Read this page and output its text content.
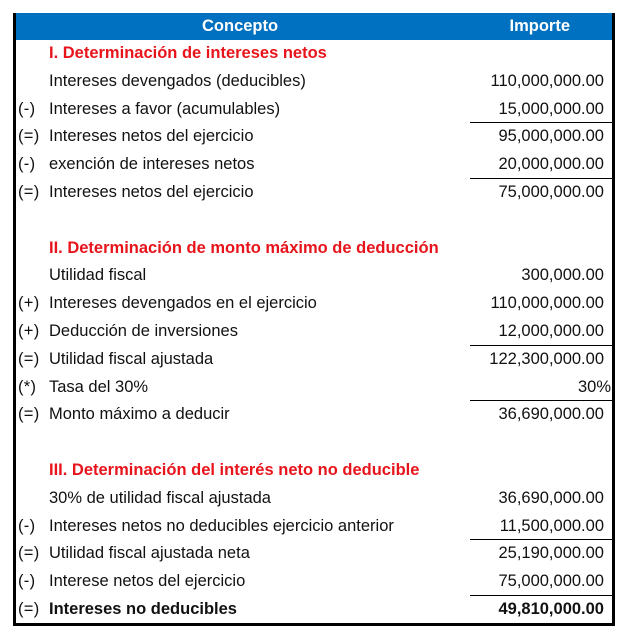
Concepto	Importe
I. Determinación de intereses netos
Intereses devengados (deducibles)	110,000,000.00
(-) Intereses a favor (acumulables)	15,000,000.00
(=) Intereses netos del ejercicio	95,000,000.00
(-) exención de intereses netos	20,000,000.00
(=) Intereses netos del ejercicio	75,000,000.00
II. Determinación de monto máximo de deducción
Utilidad fiscal	300,000.00
(+) Intereses devengados en el ejercicio	110,000,000.00
(+) Deducción de inversiones	12,000,000.00
(=) Utilidad fiscal ajustada	122,300,000.00
(*) Tasa del 30%	30%
(=) Monto máximo a deducir	36,690,000.00
III. Determinación del interés neto no deducible
30% de utilidad fiscal ajustada	36,690,000.00
(-) Intereses netos no deducibles ejercicio anterior	11,500,000.00
(=) Utilidad fiscal ajustada neta	25,190,000.00
(-) Interese netos del ejercicio	75,000,000.00
(=) Intereses no deducibles	49,810,000.00
